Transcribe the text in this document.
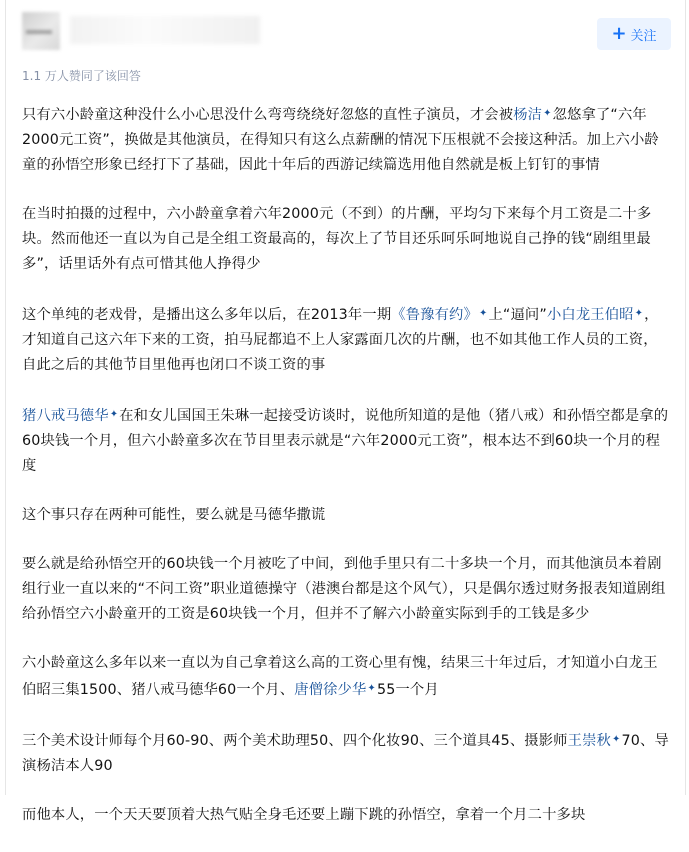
+ 关注
1.1 万人赞同了该回答

只有六小龄童这种没什么小心思没什么弯弯绕绕好忽悠的直性子演员，才会被杨洁✦忽悠拿了“六年2000元工资”，换做是其他演员，在得知只有这么点薪酬的情况下压根就不会接这种活。加上六小龄童的孙悟空形象已经打下了基础，因此十年后的西游记续篇选用他自然就是板上钉钉的事情

在当时拍摄的过程中，六小龄童拿着六年2000元（不到）的片酬，平均匀下来每个月工资是二十多块。然而他还一直以为自己是全组工资最高的，每次上了节目还乐呵乐呵地说自己挣的钱“剧组里最多”，话里话外有点可惜其他人挣得少

这个单纯的老戏骨，是播出这么多年以后，在2013年一期《鲁豫有约》✦上“逼问”小白龙王伯昭✦，才知道自己这六年下来的工资，拍马屁都追不上人家露面几次的片酬，也不如其他工作人员的工资，自此之后的其他节目里他再也闭口不谈工资的事

猪八戒马德华✦在和女儿国国王朱琳一起接受访谈时，说他所知道的是他（猪八戒）和孙悟空都是拿的60块钱一个月，但六小龄童多次在节目里表示就是“六年2000元工资”，根本达不到60块一个月的程度

这个事只存在两种可能性，要么就是马德华撒谎

要么就是给孙悟空开的60块钱一个月被吃了中间，到他手里只有二十多块一个月，而其他演员本着剧组行业一直以来的“不问工资”职业道德操守（港澳台都是这个风气），只是偶尔透过财务报表知道剧组给孙悟空六小龄童开的工资是60块钱一个月，但并不了解六小龄童实际到手的工钱是多少

六小龄童这么多年以来一直以为自己拿着这么高的工资心里有愧，结果三十年过后，才知道小白龙王伯昭三集1500、猪八戒马德华60一个月、唐僧徐少华✦55一个月

三个美术设计师每个月60-90、两个美术助理50、四个化妆90、三个道具45、摄影师王崇秋✦70、导演杨洁本人90

而他本人，一个天天要顶着大热气贴全身毛还要上蹦下跳的孙悟空，拿着一个月二十多块
